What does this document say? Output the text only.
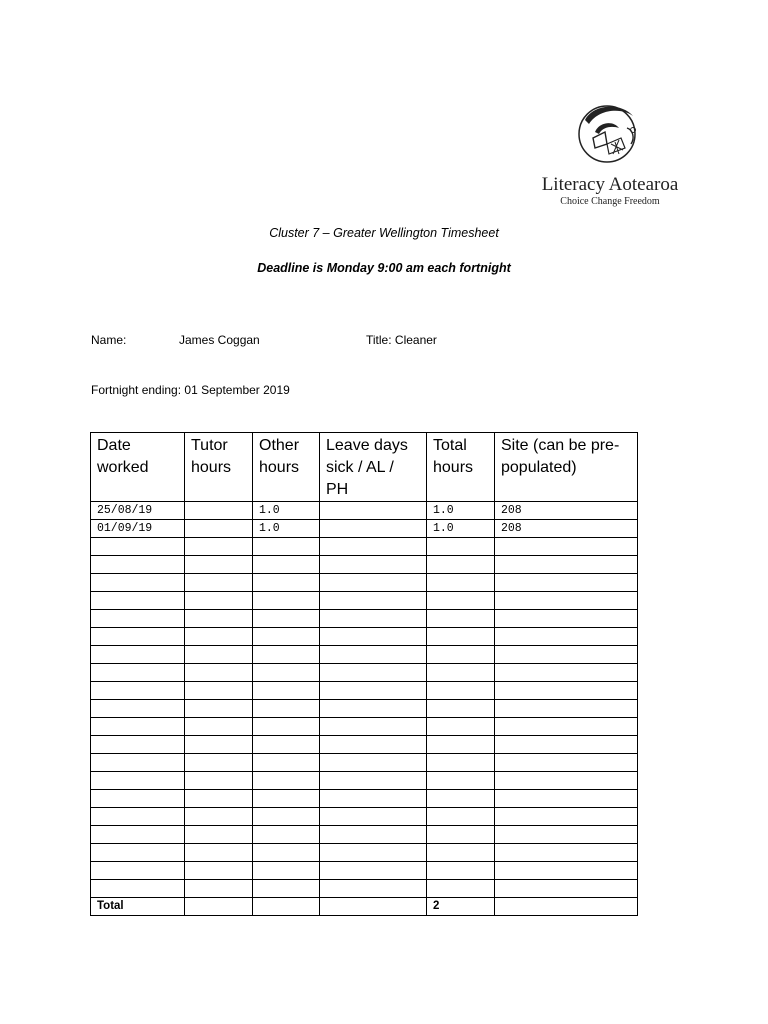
Literacy Aotearoa
Choice Change Freedom
Cluster 7 – Greater Wellington Timesheet
Deadline is Monday 9:00 am each fortnight
Name:	James Coggan	Title: Cleaner
Fortnight ending: 01 September 2019
Date worked	Tutor hours	Other hours	Leave days sick / AL / PH	Total hours	Site (can be pre-populated)
25/08/19		1.0		1.0	208
01/09/19		1.0		1.0	208

Total				2	
